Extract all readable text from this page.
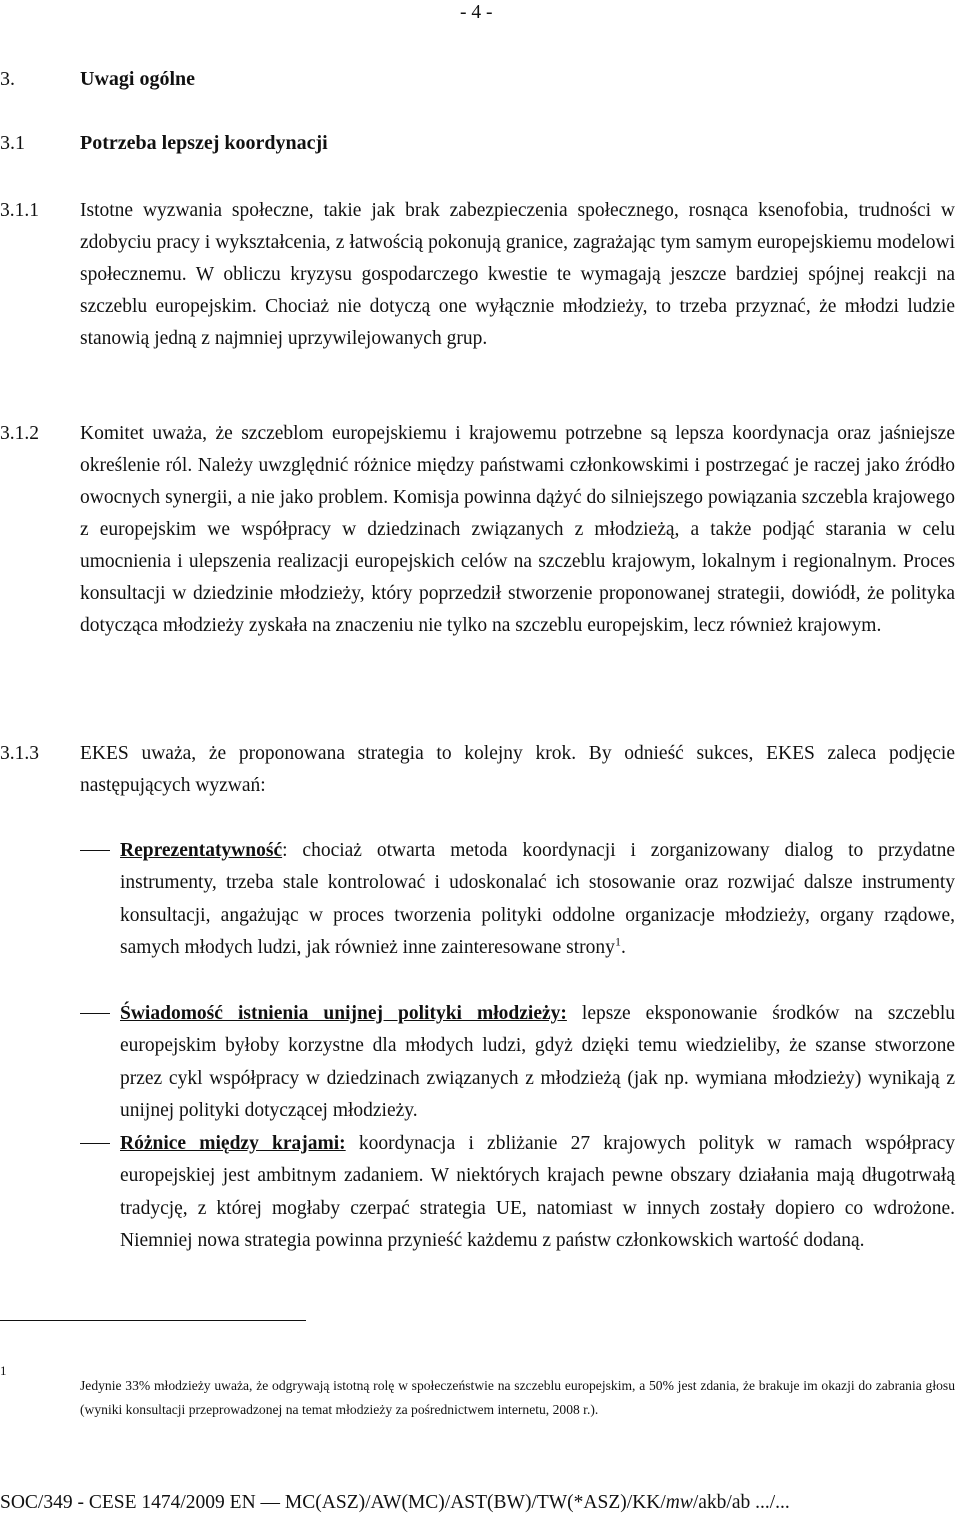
- 4 -
3.	Uwagi ogólne
3.1	Potrzeba lepszej koordynacji
3.1.1 Istotne wyzwania społeczne, takie jak brak zabezpieczenia społecznego, rosnąca ksenofobia, trudności w zdobyciu pracy i wykształcenia, z łatwością pokonują granice, zagrażając tym samym europejskiemu modelowi społecznemu. W obliczu kryzysu gospodarczego kwestie te wymagają jeszcze bardziej spójnej reakcji na szczeblu europejskim. Chociaż nie dotyczą one wyłącznie młodzieży, to trzeba przyznać, że młodzi ludzie stanowią jedną z najmniej uprzywilejowanych grup.
3.1.2 Komitet uważa, że szczeblom europejskiemu i krajowemu potrzebne są lepsza koordynacja oraz jaśniejsze określenie ról. Należy uwzględnić różnice między państwami członkowskimi i postrzegać je raczej jako źródło owocnych synergii, a nie jako problem. Komisja powinna dążyć do silniejszego powiązania szczebla krajowego z europejskim we współpracy w dziedzinach związanych z młodzieżą, a także podjąć starania w celu umocnienia i ulepszenia realizacji europejskich celów na szczeblu krajowym, lokalnym i regionalnym. Proces konsultacji w dziedzinie młodzieży, który poprzedził stworzenie proponowanej strategii, dowiódł, że polityka dotycząca młodzieży zyskała na znaczeniu nie tylko na szczeblu europejskim, lecz również krajowym.
3.1.3 EKES uważa, że proponowana strategia to kolejny krok. By odnieść sukces, EKES zaleca podjęcie następujących wyzwań:
Reprezentatywność: chociaż otwarta metoda koordynacji i zorganizowany dialog to przydatne instrumenty, trzeba stale kontrolować i udoskonalać ich stosowanie oraz rozwijać dalsze instrumenty konsultacji, angażując w proces tworzenia polityki oddolne organizacje młodzieży, organy rządowe, samych młodych ludzi, jak również inne zainteresowane strony$^1$.
Świadomość istnienia unijnej polityki młodzieży: lepsze eksponowanie środków na szczeblu europejskim byłoby korzystne dla młodych ludzi, gdyż dzięki temu wiedzieliby, że szanse stworzone przez cykl współpracy w dziedzinach związanych z młodzieżą (jak np. wymiana młodzieży) wynikają z unijnej polityki dotyczącej młodzieży.
Różnice między krajami: koordynacja i zbliżanie 27 krajowych polityk w ramach współpracy europejskiej jest ambitnym zadaniem. W niektórych krajach pewne obszary działania mają długotrwałą tradycję, z której mogłaby czerpać strategia UE, natomiast w innych zostały dopiero co wdrożone. Niemniej nowa strategia powinna przynieść każdemu z państw członkowskich wartość dodaną.
1
Jedynie 33% młodzieży uważa, że odgrywają istotną rolę w społeczeństwie na szczeblu europejskim, a 50% jest zdania, że brakuje im okazji do zabrania głosu (wyniki konsultacji przeprowadzonej na temat młodzieży za pośrednictwem internetu, 2008 r.).
SOC/349 - CESE 1474/2009 EN — MC(ASZ)/AW(MC)/AST(BW)/TW(*ASZ)/KK/mw/akb/ab .../...
